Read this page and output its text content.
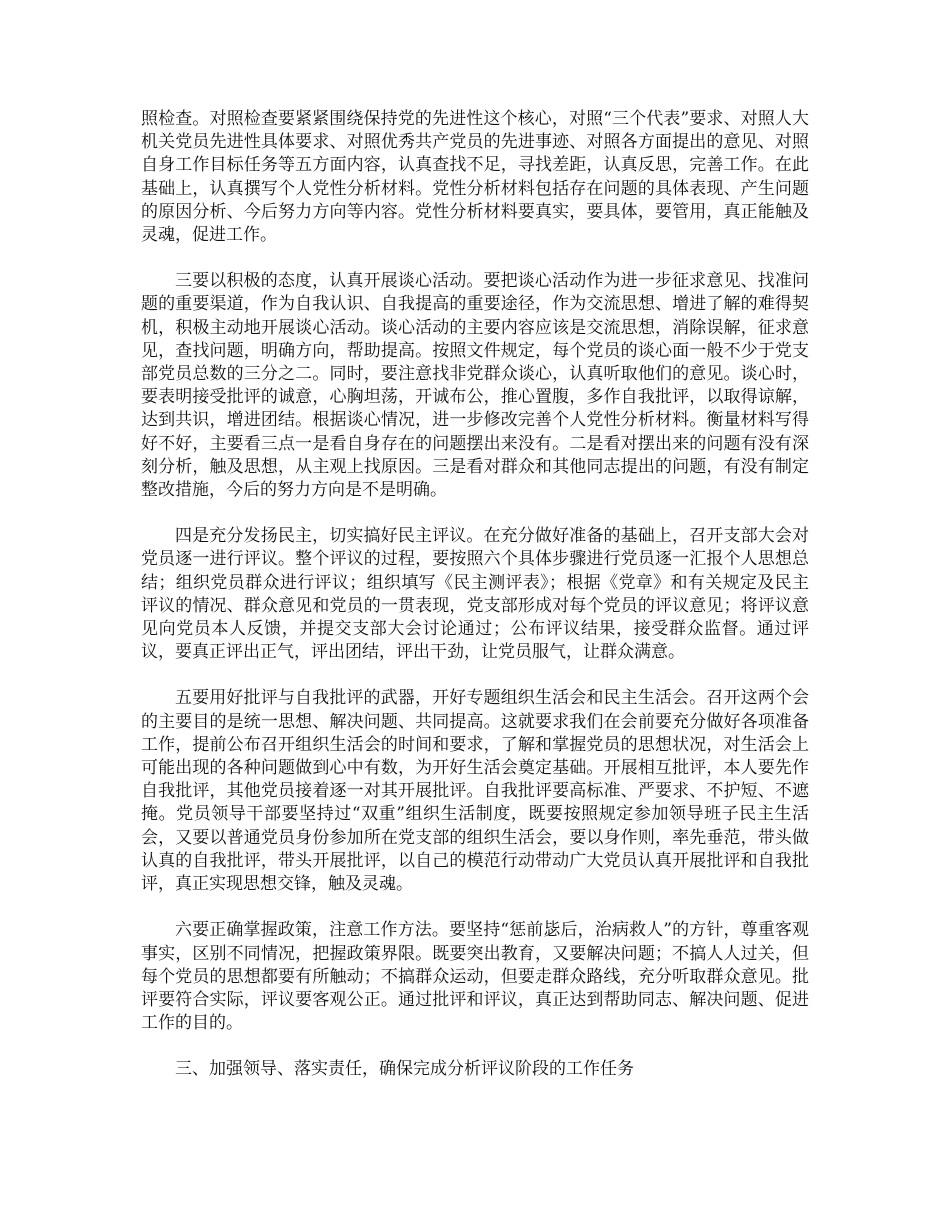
照检查。对照检查要紧紧围绕保持党的先进性这个核心，对照“三个代表”要求、对照人大机关党员先进性具体要求、对照优秀共产党员的先进事迹、对照各方面提出的意见、对照自身工作目标任务等五方面内容，认真查找不足，寻找差距，认真反思，完善工作。在此基础上，认真撰写个人党性分析材料。党性分析材料包括存在问题的具体表现、产生问题的原因分析、今后努力方向等内容。党性分析材料要真实，要具体，要管用，真正能触及灵魂，促进工作。

三要以积极的态度，认真开展谈心活动。要把谈心活动作为进一步征求意见、找准问题的重要渠道，作为自我认识、自我提高的重要途径，作为交流思想、增进了解的难得契机，积极主动地开展谈心活动。谈心活动的主要内容应该是交流思想，消除误解，征求意见，查找问题，明确方向，帮助提高。按照文件规定，每个党员的谈心面一般不少于党支部党员总数的三分之二。同时，要注意找非党群众谈心，认真听取他们的意见。谈心时，要表明接受批评的诚意，心胸坦荡，开诚布公，推心置腹，多作自我批评，以取得谅解，达到共识，增进团结。根据谈心情况，进一步修改完善个人党性分析材料。衡量材料写得好不好，主要看三点一是看自身存在的问题摆出来没有。二是看对摆出来的问题有没有深刻分析，触及思想，从主观上找原因。三是看对群众和其他同志提出的问题，有没有制定整改措施，今后的努力方向是不是明确。

四是充分发扬民主，切实搞好民主评议。在充分做好准备的基础上，召开支部大会对党员逐一进行评议。整个评议的过程，要按照六个具体步骤进行党员逐一汇报个人思想总结；组织党员群众进行评议；组织填写《民主测评表》；根据《党章》和有关规定及民主评议的情况、群众意见和党员的一贯表现，党支部形成对每个党员的评议意见；将评议意见向党员本人反馈，并提交支部大会讨论通过；公布评议结果，接受群众监督。通过评议，要真正评出正气，评出团结，评出干劲，让党员服气，让群众满意。

五要用好批评与自我批评的武器，开好专题组织生活会和民主生活会。召开这两个会的主要目的是统一思想、解决问题、共同提高。这就要求我们在会前要充分做好各项准备工作，提前公布召开组织生活会的时间和要求，了解和掌握党员的思想状况，对生活会上可能出现的各种问题做到心中有数，为开好生活会奠定基础。开展相互批评，本人要先作自我批评，其他党员接着逐一对其开展批评。自我批评要高标准、严要求、不护短、不遮掩。党员领导干部要坚持过“双重”组织生活制度，既要按照规定参加领导班子民主生活会，又要以普通党员身份参加所在党支部的组织生活会，要以身作则，率先垂范，带头做认真的自我批评，带头开展批评，以自己的模范行动带动广大党员认真开展批评和自我批评，真正实现思想交锋，触及灵魂。

六要正确掌握政策，注意工作方法。要坚持“惩前毖后，治病救人”的方针，尊重客观事实，区别不同情况，把握政策界限。既要突出教育，又要解决问题；不搞人人过关，但每个党员的思想都要有所触动；不搞群众运动，但要走群众路线，充分听取群众意见。批评要符合实际，评议要客观公正。通过批评和评议，真正达到帮助同志、解决问题、促进工作的目的。

三、加强领导、落实责任，确保完成分析评议阶段的工作任务
